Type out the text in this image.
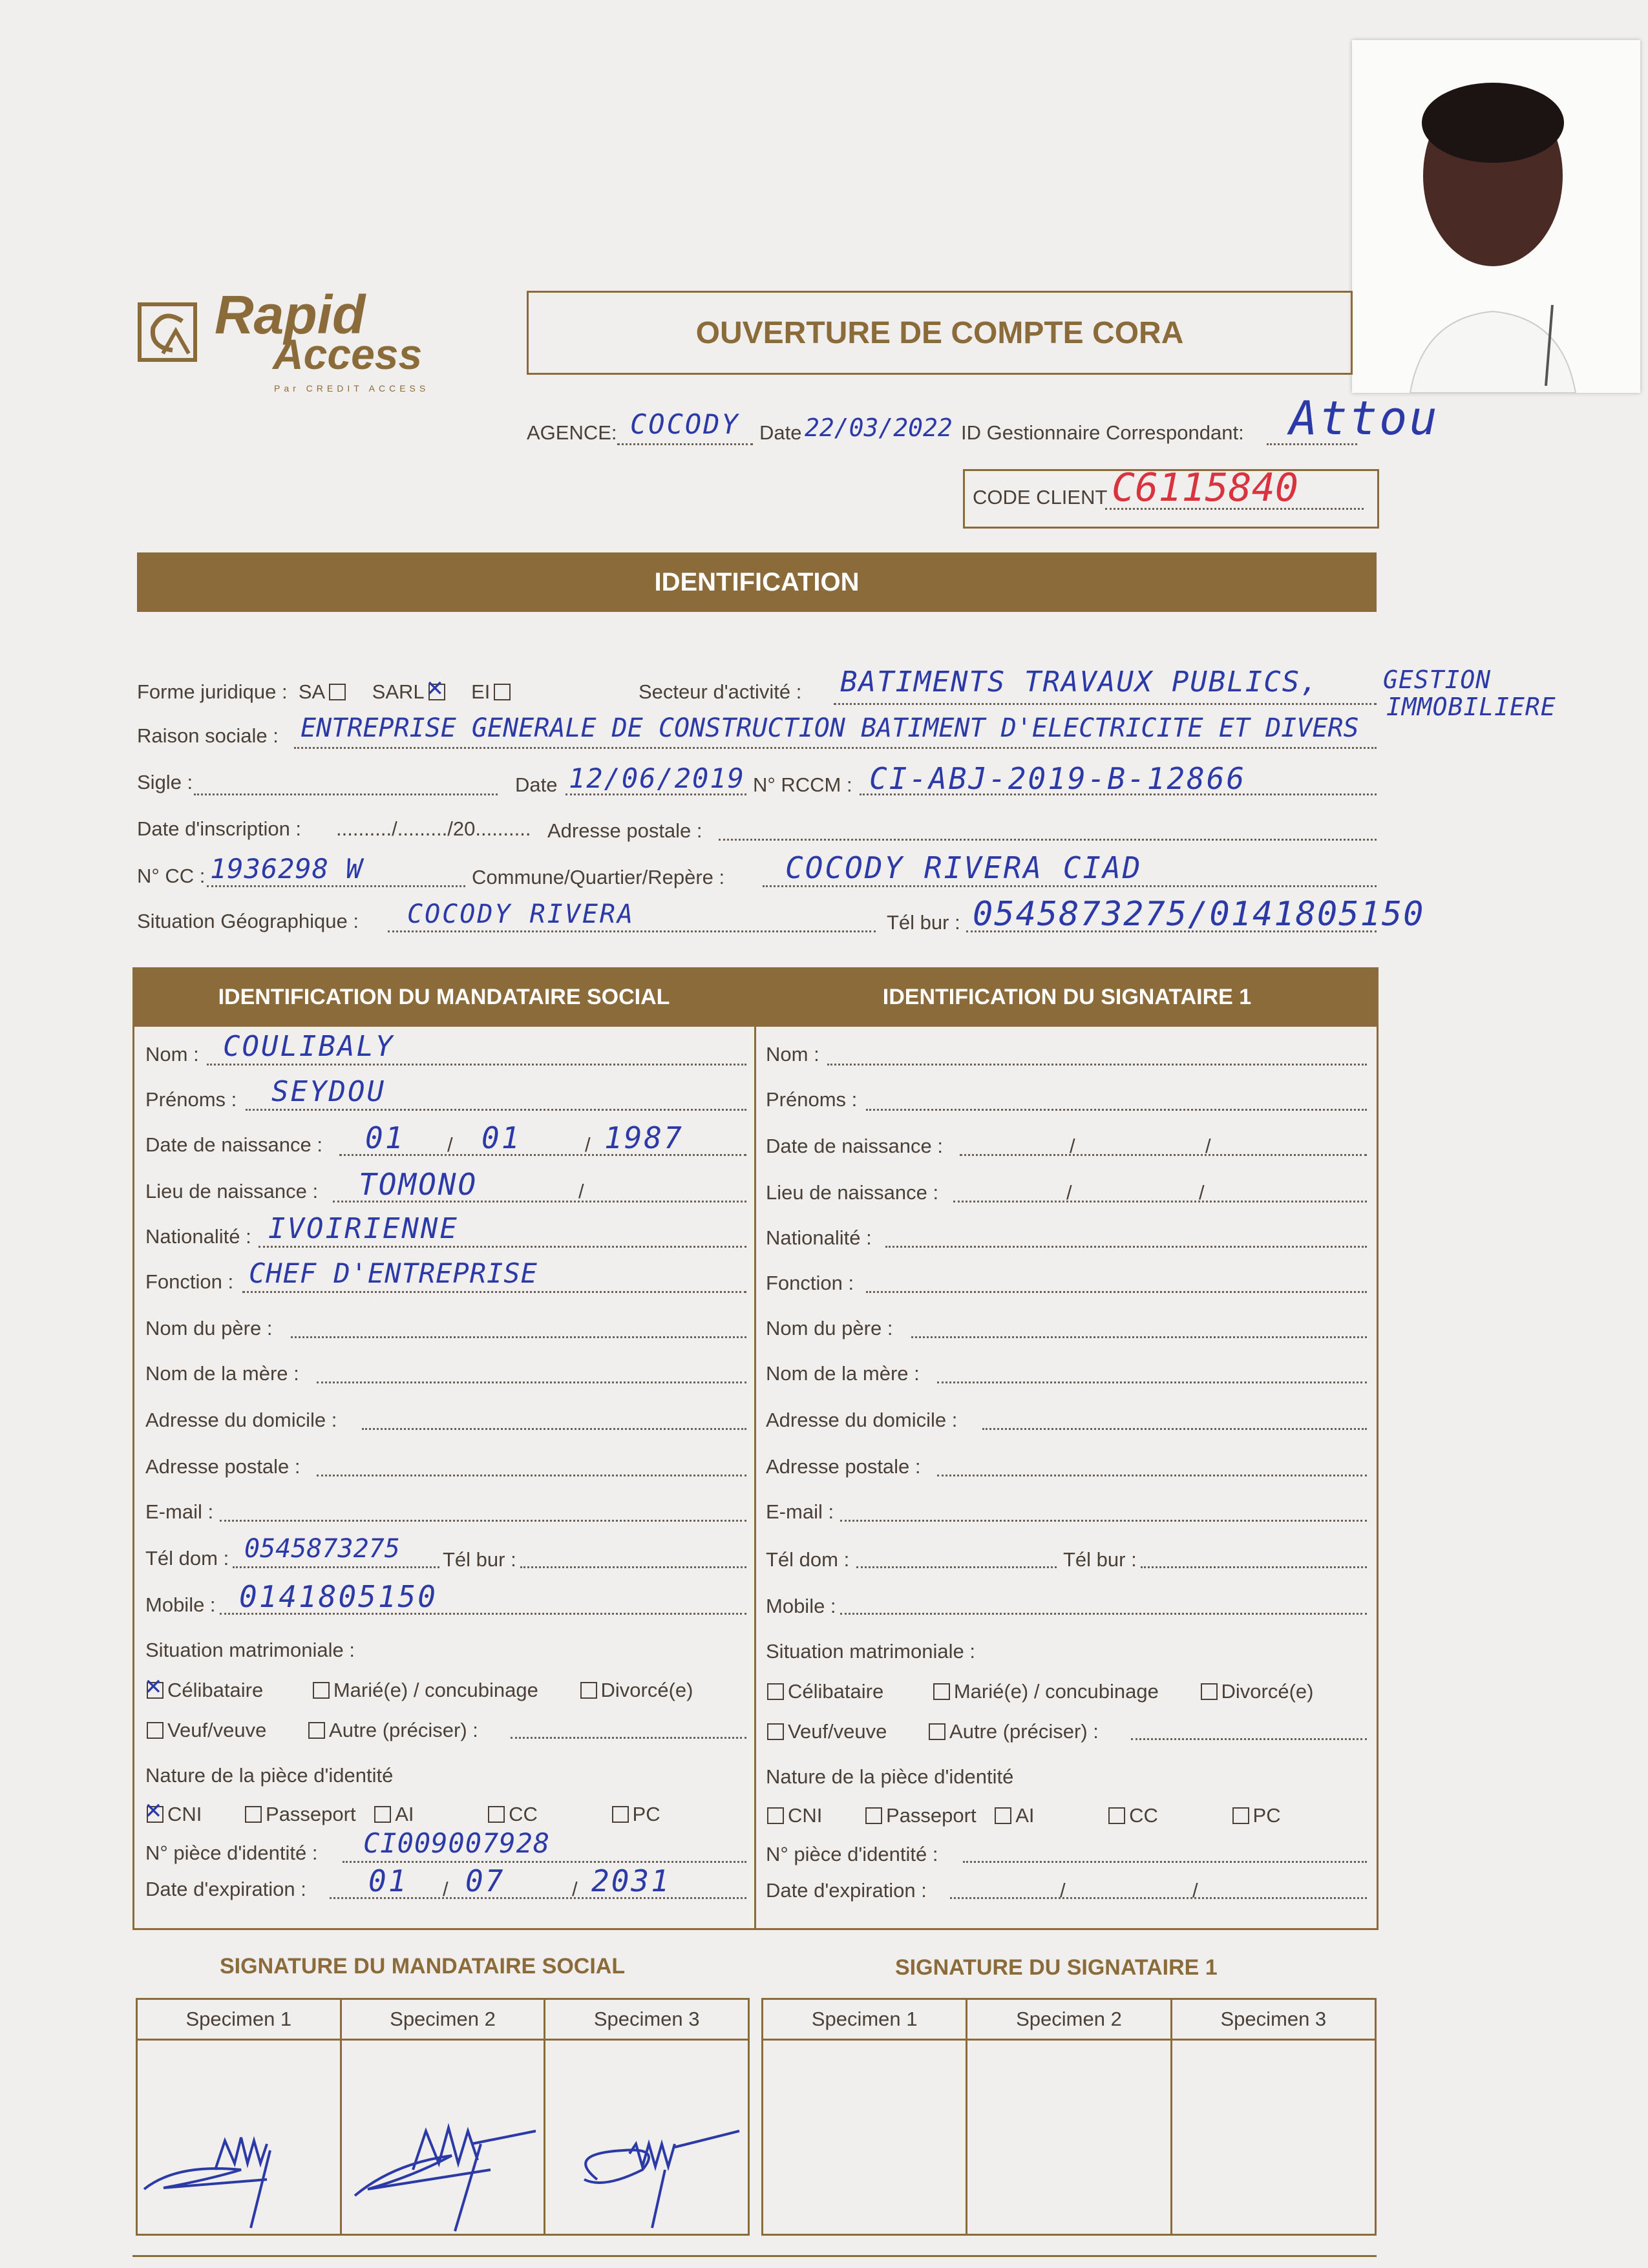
Rapid
Access
Par CREDIT ACCESS
OUVERTURE DE COMPTE CORA
AGENCE: COCODY Date 22/03/2022 ID Gestionnaire Correspondant: Attou
CODE CLIENT C6115840
IDENTIFICATION
Forme juridique : SA SARL✕ EI	Secteur d'activité : BATIMENTS TRAVAUX PUBLICS,	GESTION
IMMOBILIERE
Raison sociale : ENTREPRISE GENERALE DE CONSTRUCTION BATIMENT D'ELECTRICITE ET DIVERS
Sigle :	Date 12/06/2019 N° RCCM : CI-ABJ-2019-B-12866
Date d'inscription : ........../........./20.......... Adresse postale :
N° CC : 1936298 W	Commune/Quartier/Repère : COCODY RIVERA CIAD
Situation Géographique : COCODY RIVERA	Tél bur : 0545873275/0141805150
IDENTIFICATION DU MANDATAIRE SOCIAL	IDENTIFICATION DU SIGNATAIRE 1
Nom : COULIBALY
Prénoms : SEYDOU
Date de naissance : 01 / 01	/ 1987
Lieu de naissance : TOMONO	/
Nationalité : IVOIRIENNE
Fonction : CHEF D'ENTREPRISE
Nom du père :
Nom de la mère :
Adresse du domicile :
Adresse postale :
E-mail :
Tél dom : 0545873275 Tél bur :
Mobile : 0141805150
Situation matrimoniale :
✕Célibataire	Marié(e) / concubinage	Divorcé(e)
Veuf/veuve	Autre (préciser) :
Nature de la pièce d'identité
✕CNI	Passeport AI	CC	PC
N° pièce d'identité : CI009007928
Date d'expiration : 01 / 07	/ 2031
Nom :
Prénoms :
Date de naissance :	/	/
Lieu de naissance :	/	/
Nationalité :
Fonction :
Nom du père :
Nom de la mère :
Adresse du domicile :
Adresse postale :
E-mail :
Tél dom :	Tél bur :
Mobile :
Situation matrimoniale :
Célibataire	Marié(e) / concubinage	Divorcé(e)
Veuf/veuve	Autre (préciser) :
Nature de la pièce d'identité
CNI	Passeport AI	CC	PC
N° pièce d'identité :
Date d'expiration :	/	/
SIGNATURE DU MANDATAIRE SOCIAL	SIGNATURE DU SIGNATAIRE 1
Specimen 1	Specimen 2	Specimen 3	Specimen 1	Specimen 2	Specimen 3
